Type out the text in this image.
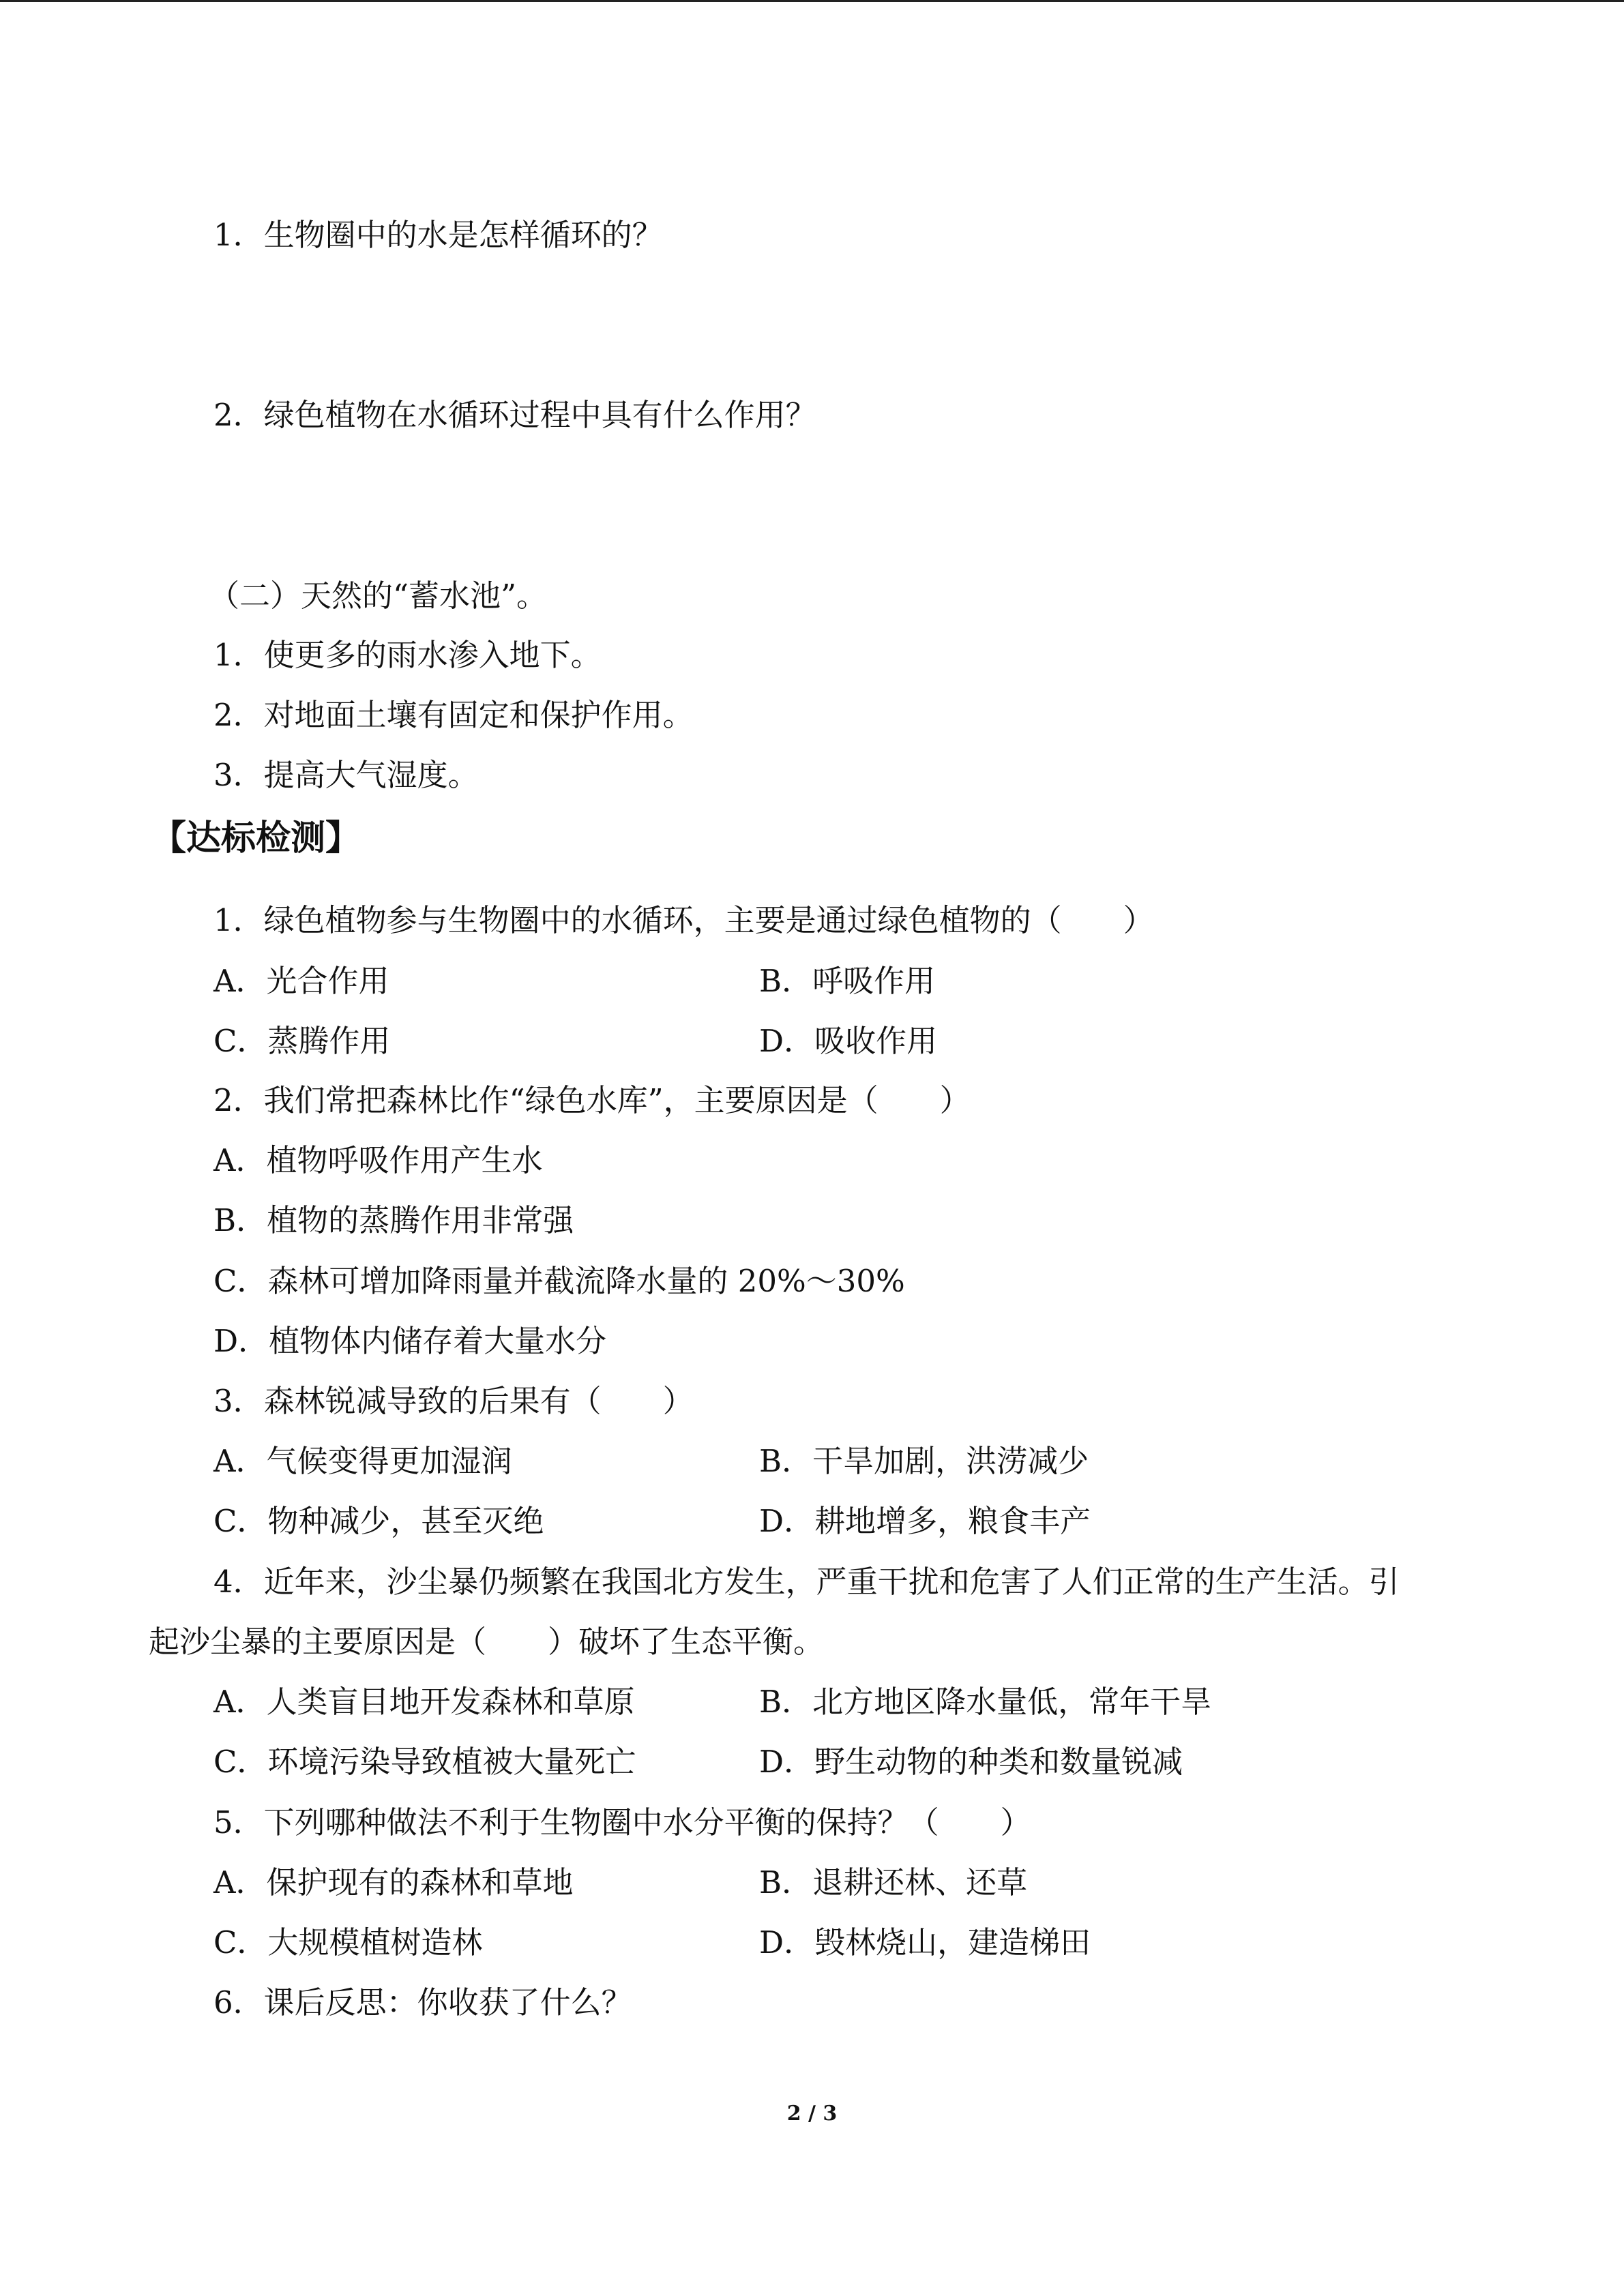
1．生物圈中的水是怎样循环的？
2．绿色植物在水循环过程中具有什么作用？
（二）天然的“蓄水池”。
1．使更多的雨水渗入地下。
2．对地面土壤有固定和保护作用。
3．提高大气湿度。
【达标检测】
1．绿色植物参与生物圈中的水循环，主要是通过绿色植物的（　　）
A．光合作用	B．呼吸作用
C．蒸腾作用	D．吸收作用
2．我们常把森林比作“绿色水库”，主要原因是（　　）
A．植物呼吸作用产生水
B．植物的蒸腾作用非常强
C．森林可增加降雨量并截流降水量的 20%～30%
D．植物体内储存着大量水分
3．森林锐减导致的后果有（　　）
A．气候变得更加湿润	B．干旱加剧，洪涝减少
C．物种减少，甚至灭绝	D．耕地增多，粮食丰产
4．近年来，沙尘暴仍频繁在我国北方发生，严重干扰和危害了人们正常的生产生活。引
起沙尘暴的主要原因是（　　）破坏了生态平衡。
A．人类盲目地开发森林和草原	B．北方地区降水量低，常年干旱
C．环境污染导致植被大量死亡	D．野生动物的种类和数量锐减
5．下列哪种做法不利于生物圈中水分平衡的保持？（　　）
A．保护现有的森林和草地	B．退耕还林、还草
C．大规模植树造林	D．毁林烧山，建造梯田
6．课后反思：你收获了什么？
2 / 3
